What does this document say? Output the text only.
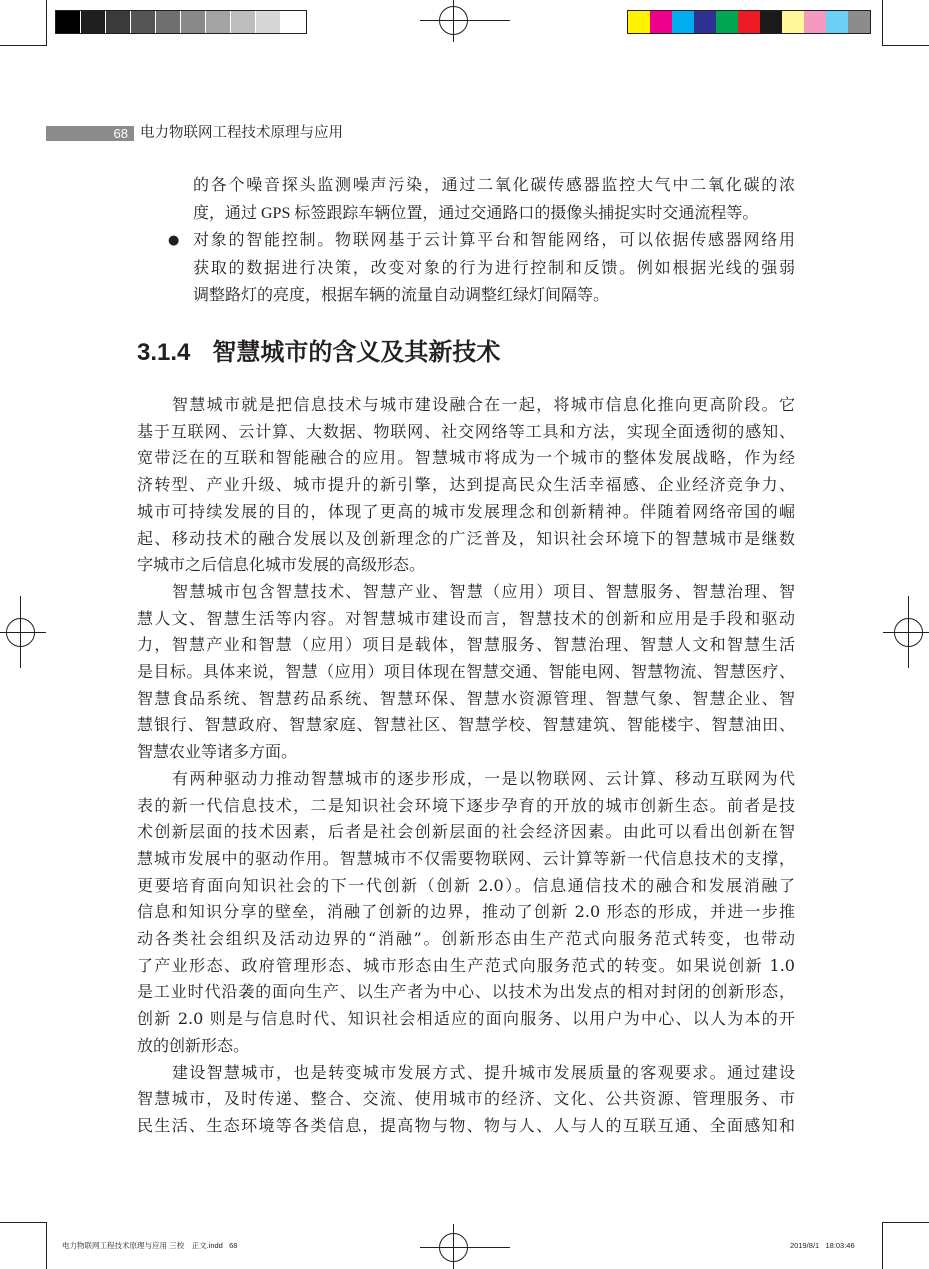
68 电力物联网工程技术原理与应用
的各个噪音探头监测噪声污染，通过二氧化碳传感器监控大气中二氧化碳的浓
度，通过 GPS 标签跟踪车辆位置，通过交通路口的摄像头捕捉实时交通流程等。
对象的智能控制。物联网基于云计算平台和智能网络，可以依据传感器网络用
获取的数据进行决策，改变对象的行为进行控制和反馈。例如根据光线的强弱
调整路灯的亮度，根据车辆的流量自动调整红绿灯间隔等。
●
3.1.4 智慧城市的含义及其新技术
智慧城市就是把信息技术与城市建设融合在一起，将城市信息化推向更高阶段。它
基于互联网、云计算、大数据、物联网、社交网络等工具和方法，实现全面透彻的感知、
宽带泛在的互联和智能融合的应用。智慧城市将成为一个城市的整体发展战略，作为经
济转型、产业升级、城市提升的新引擎，达到提高民众生活幸福感、企业经济竞争力、
城市可持续发展的目的，体现了更高的城市发展理念和创新精神。伴随着网络帝国的崛
起、移动技术的融合发展以及创新理念的广泛普及，知识社会环境下的智慧城市是继数
字城市之后信息化城市发展的高级形态。
智慧城市包含智慧技术、智慧产业、智慧（应用）项目、智慧服务、智慧治理、智
慧人文、智慧生活等内容。对智慧城市建设而言，智慧技术的创新和应用是手段和驱动
力，智慧产业和智慧（应用）项目是载体，智慧服务、智慧治理、智慧人文和智慧生活
是目标。具体来说，智慧（应用）项目体现在智慧交通、智能电网、智慧物流、智慧医疗、
智慧食品系统、智慧药品系统、智慧环保、智慧水资源管理、智慧气象、智慧企业、智
慧银行、智慧政府、智慧家庭、智慧社区、智慧学校、智慧建筑、智能楼宇、智慧油田、
智慧农业等诸多方面。
有两种驱动力推动智慧城市的逐步形成，一是以物联网、云计算、移动互联网为代
表的新一代信息技术，二是知识社会环境下逐步孕育的开放的城市创新生态。前者是技
术创新层面的技术因素，后者是社会创新层面的社会经济因素。由此可以看出创新在智
慧城市发展中的驱动作用。智慧城市不仅需要物联网、云计算等新一代信息技术的支撑，
更要培育面向知识社会的下一代创新（创新 2.0）。信息通信技术的融合和发展消融了
信息和知识分享的壁垒，消融了创新的边界，推动了创新 2.0 形态的形成，并进一步推
动各类社会组织及活动边界的“消融”。创新形态由生产范式向服务范式转变，也带动
了产业形态、政府管理形态、城市形态由生产范式向服务范式的转变。如果说创新 1.0
是工业时代沿袭的面向生产、以生产者为中心、以技术为出发点的相对封闭的创新形态，
创新 2.0 则是与信息时代、知识社会相适应的面向服务、以用户为中心、以人为本的开
放的创新形态。
建设智慧城市，也是转变城市发展方式、提升城市发展质量的客观要求。通过建设
智慧城市，及时传递、整合、交流、使用城市的经济、文化、公共资源、管理服务、市
民生活、生态环境等各类信息，提高物与物、物与人、人与人的互联互通、全面感知和
电力物联网工程技术原理与应用 三校　正文.indd   68	2019/8/1   18:03:46
